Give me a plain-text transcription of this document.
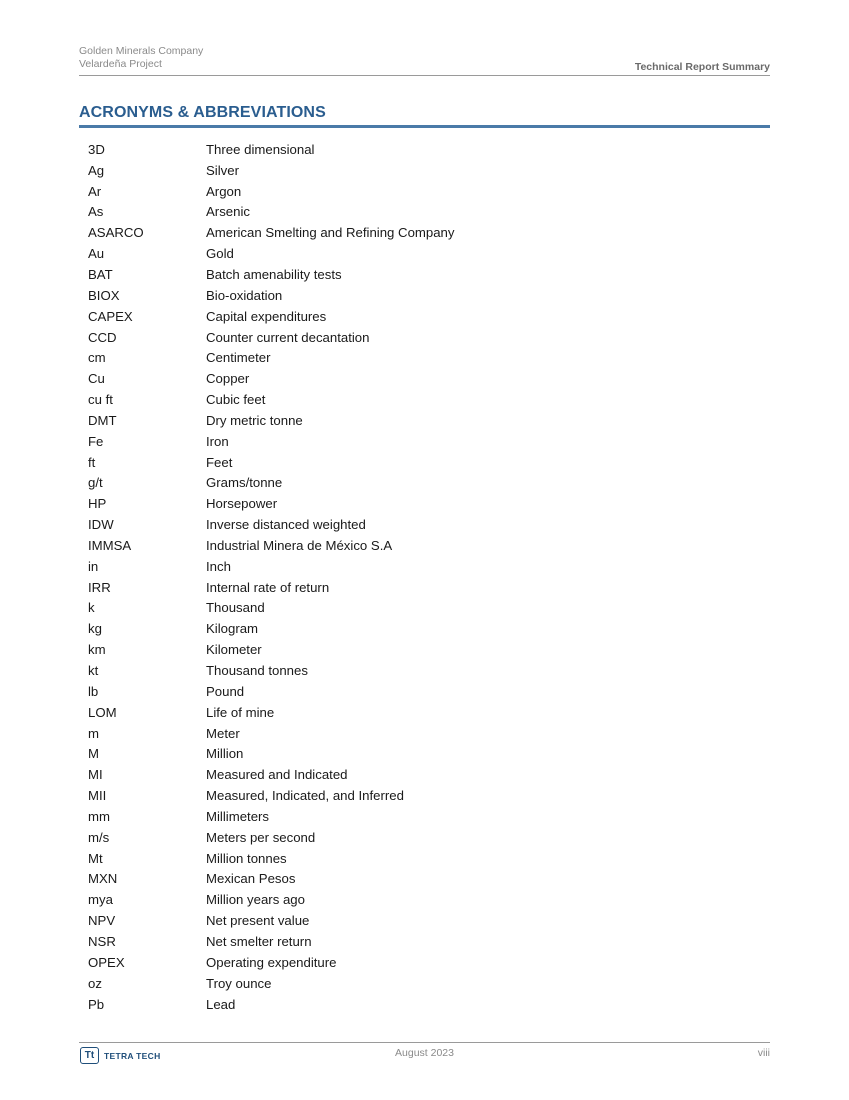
Golden Minerals Company
Velardeña Project	Technical Report Summary
ACRONYMS & ABBREVIATIONS
3D	Three dimensional
Ag	Silver
Ar	Argon
As	Arsenic
ASARCO	American Smelting and Refining Company
Au	Gold
BAT	Batch amenability tests
BIOX	Bio-oxidation
CAPEX	Capital expenditures
CCD	Counter current decantation
cm	Centimeter
Cu	Copper
cu ft	Cubic feet
DMT	Dry metric tonne
Fe	Iron
ft	Feet
g/t	Grams/tonne
HP	Horsepower
IDW	Inverse distanced weighted
IMMSA	Industrial Minera de México S.A
in	Inch
IRR	Internal rate of return
k	Thousand
kg	Kilogram
km	Kilometer
kt	Thousand tonnes
lb	Pound
LOM	Life of mine
m	Meter
M	Million
MI	Measured and Indicated
MII	Measured, Indicated, and Inferred
mm	Millimeters
m/s	Meters per second
Mt	Million tonnes
MXN	Mexican Pesos
mya	Million years ago
NPV	Net present value
NSR	Net smelter return
OPEX	Operating expenditure
oz	Troy ounce
Pb	Lead
Tt	TETRA TECH	August 2023	viii
